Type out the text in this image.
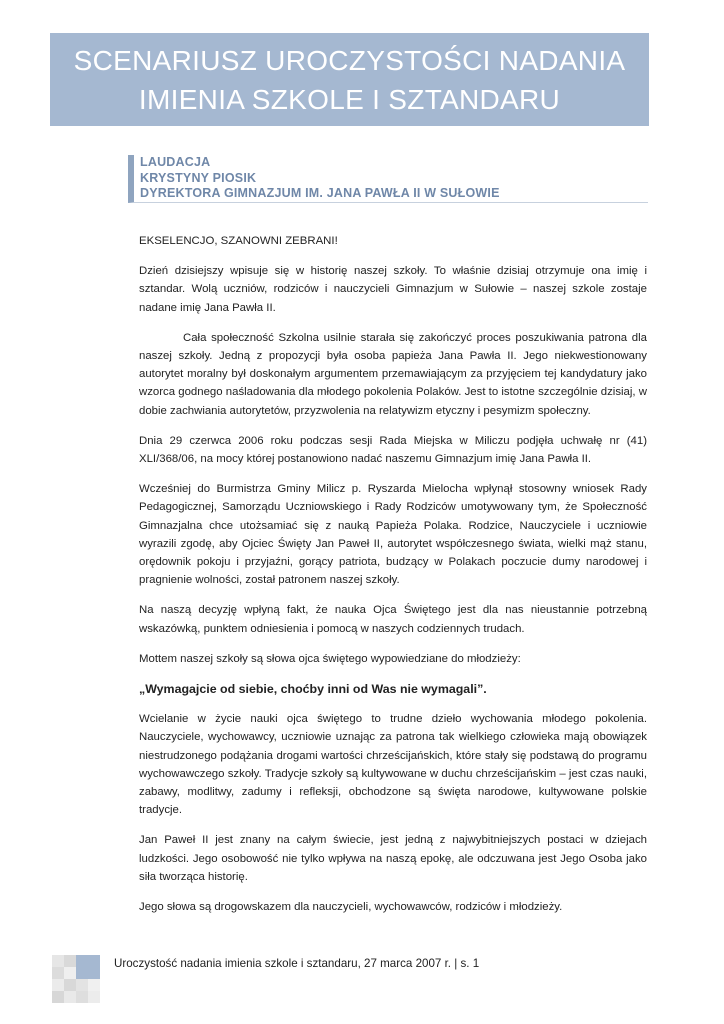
SCENARIUSZ UROCZYSTOŚCI NADANIA
IMIENIA SZKOLE I SZTANDARU
LAUDACJA
KRYSTYNY PIOSIK
DYREKTORA GIMNAZJUM IM. JANA PAWŁA II W SUŁOWIE

EKSELENCJO, SZANOWNI ZEBRANI!

Dzień dzisiejszy wpisuje się w historię naszej szkoły. To właśnie dzisiaj otrzymuje ona imię i sztandar. Wolą uczniów, rodziców i nauczycieli Gimnazjum w Sułowie – naszej szkole zostaje nadane imię Jana Pawła II.

Cała społeczność Szkolna usilnie starała się zakończyć proces poszukiwania patrona dla naszej szkoły. Jedną z propozycji była osoba papieża Jana Pawła II. Jego niekwestionowany autorytet moralny był doskonałym argumentem przemawiającym za przyjęciem tej kandydatury jako wzorca godnego naśladowania dla młodego pokolenia Polaków. Jest to istotne szczególnie dzisiaj, w dobie zachwiania autorytetów, przyzwolenia na relatywizm etyczny i pesymizm społeczny.

Dnia 29 czerwca 2006 roku podczas sesji Rada Miejska w Miliczu podjęła uchwałę nr (41) XLI/368/06, na mocy której postanowiono nadać naszemu Gimnazjum imię Jana Pawła II.

Wcześniej do Burmistrza Gminy Milicz p. Ryszarda Mielocha wpłynął stosowny wniosek Rady Pedagogicznej, Samorządu Uczniowskiego i Rady Rodziców umotywowany tym, że Społeczność Gimnazjalna chce utożsamiać się z nauką Papieża Polaka. Rodzice, Nauczyciele i uczniowie wyrazili zgodę, aby Ojciec Święty Jan Paweł II, autorytet współczesnego świata, wielki mąż stanu, orędownik pokoju i przyjaźni, gorący patriota, budzący w Polakach poczucie dumy narodowej i pragnienie wolności, został patronem naszej szkoły.

Na naszą decyzję wpłyną fakt, że nauka Ojca Świętego jest dla nas nieustannie potrzebną wskazówką, punktem odniesienia i pomocą w naszych codziennych trudach.

Mottem naszej szkoły są słowa ojca świętego wypowiedziane do młodzieży:

„Wymagajcie od siebie, choćby inni od Was nie wymagali”.

Wcielanie w życie nauki ojca świętego to trudne dzieło wychowania młodego pokolenia. Nauczyciele, wychowawcy, uczniowie uznając za patrona tak wielkiego człowieka mają obowiązek niestrudzonego podążania drogami wartości chrześcijańskich, które stały się podstawą do programu wychowawczego szkoły. Tradycje szkoły są kultywowane w duchu chrześcijańskim – jest czas nauki, zabawy, modlitwy, zadumy i refleksji, obchodzone są święta narodowe, kultywowane polskie tradycje.

Jan Paweł II jest znany na całym świecie, jest jedną z najwybitniejszych postaci w dziejach ludzkości. Jego osobowość nie tylko wpływa na naszą epokę, ale odczuwana jest Jego Osoba jako siła tworząca historię.

Jego słowa są drogowskazem dla nauczycieli, wychowawców, rodziców i młodzieży.

Uroczystość nadania imienia szkole i sztandaru, 27 marca 2007 r. | s. 1
